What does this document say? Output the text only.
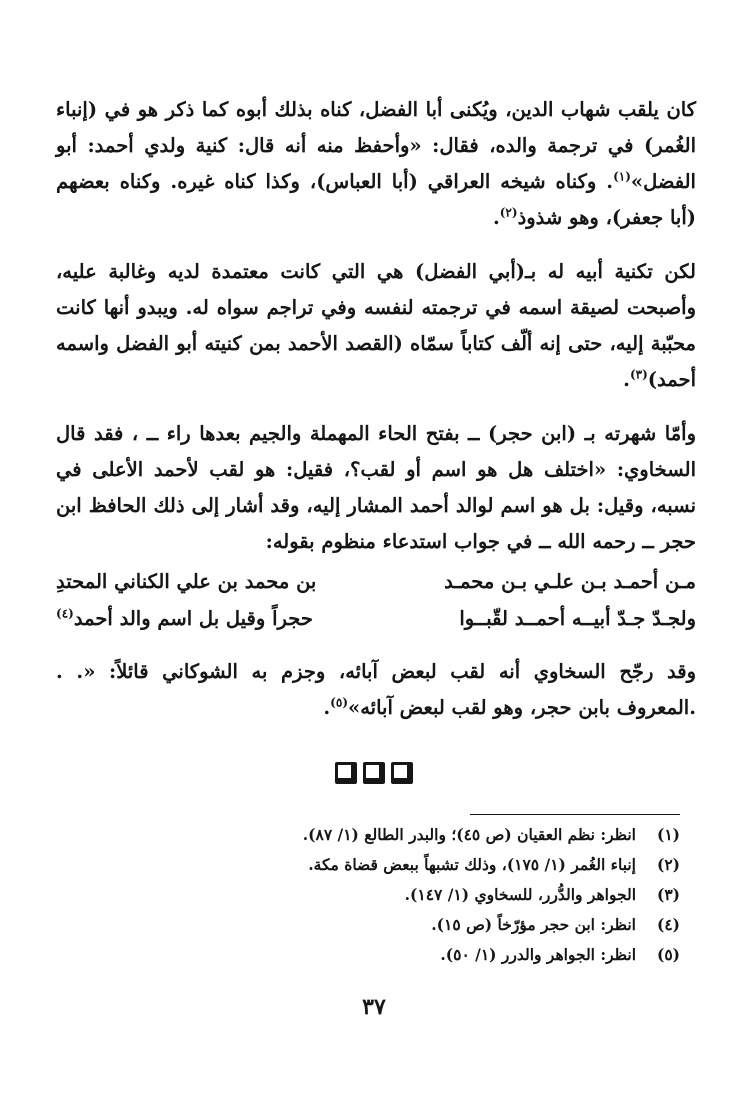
كان يلقب شهاب الدين، ويُكنى أبا الفضل، كناه بذلك أبوه كما ذكر هو في (إنباء الغُمر) في ترجمة والده، فقال: «وأحفظ منه أنه قال: كنية ولدي أحمد: أبو الفضل»$^{(١)}$. وكناه شيخه العراقي (أبا العباس)، وكذا كناه غيره. وكناه بعضهم (أبا جعفر)، وهو شذوذ$^{(٢)}$.

لكن تكنية أبيه له بـ(أبي الفضل) هي التي كانت معتمدة لديه وغالبة عليه، وأصبحت لصيقة اسمه في ترجمته لنفسه وفي تراجم سواه له. ويبدو أنها كانت محبّبة إليه، حتى إنه ألّف كتاباً سمّاه (القصد الأحمد بمن كنيته أبو الفضل واسمه أحمد)$^{(٣)}$.

وأمّا شهرته بـ (ابن حجر) ــ بفتح الحاء المهملة والجيم بعدها راء ــ ، فقد قال السخاوي: «اختلف هل هو اسم أو لقب؟، فقيل: هو لقب لأحمد الأعلى في نسبه، وقيل: بل هو اسم لوالد أحمد المشار إليه، وقد أشار إلى ذلك الحافظ ابن حجر ــ رحمه الله ــ في جواب استدعاء منظوم بقوله:

مـن أحمـد بـن علـي بـن محمـد
بن محمد بن علي الكناني المحتدِ
ولجـدّ جـدّ أبيــه أحمــد لقّبــوا
حجراً وقيل بل اسم والد أحمد$^{(٤)}$

وقد رجّح السخاوي أنه لقب لبعض آبائه، وجزم به الشوكاني قائلاً: «. . .المعروف بابن حجر، وهو لقب لبعض آبائه»$^{(٥)}$.

(١)انظر: نظم العقيان (ص ٤٥)؛ والبدر الطالع (١/ ٨٧).
(٢)إنباء الغُمر (١/ ١٧٥)، وذلك تشبهاً ببعض قضاة مكة.
(٣)الجواهر والدُّرر، للسخاوي (١/ ١٤٧).
(٤)انظر: ابن حجر مؤرّخاً (ص ١٥).
(٥)انظر: الجواهر والدرر (١/ ٥٠).
٣٧
